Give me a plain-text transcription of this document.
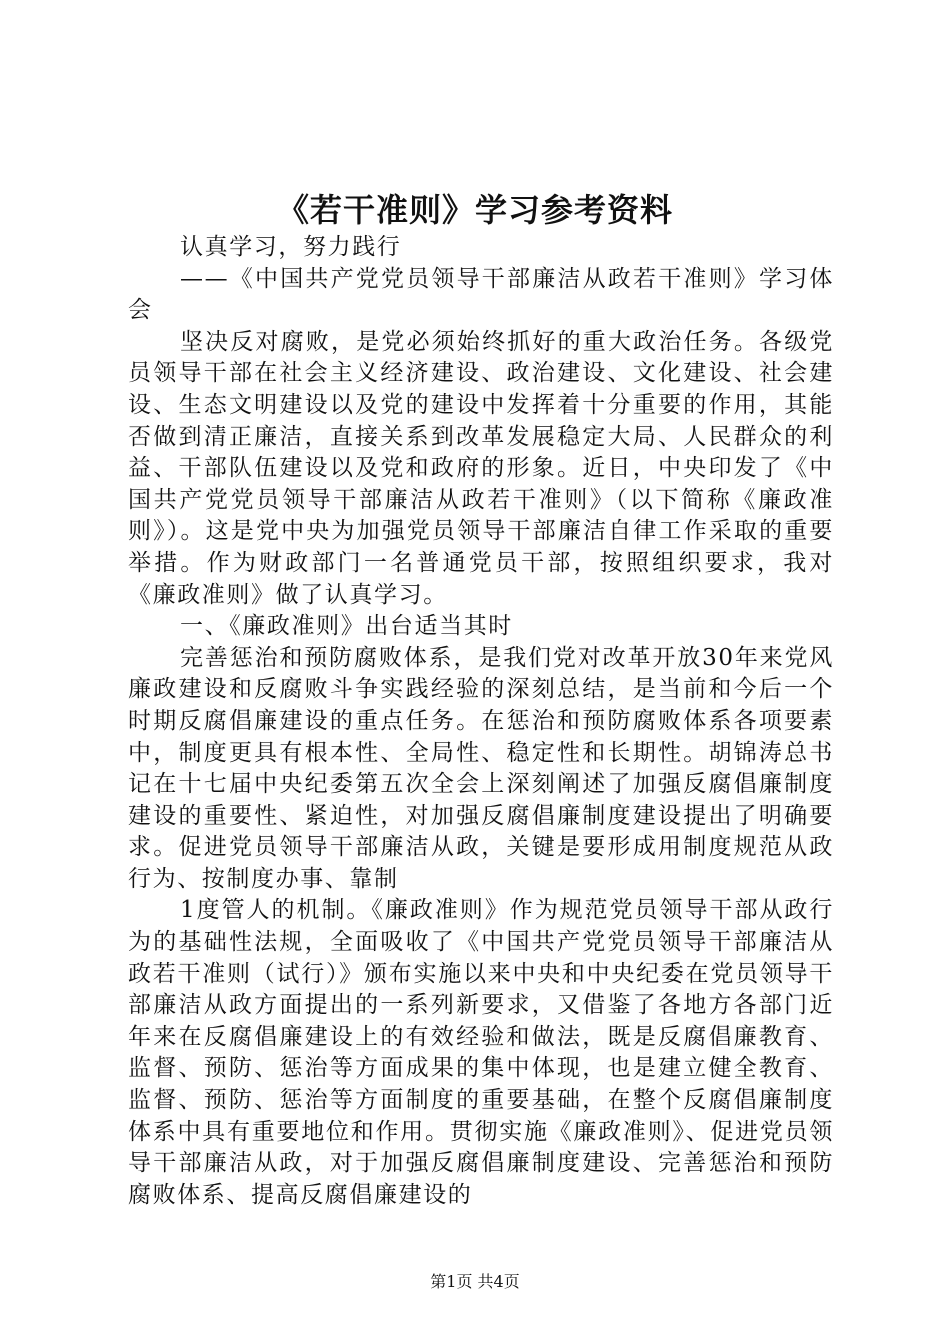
《若干准则》学习参考资料

认真学习，努力践行

——《中国共产党党员领导干部廉洁从政若干准则》学习体会

坚决反对腐败，是党必须始终抓好的重大政治任务。各级党员领导干部在社会主义经济建设、政治建设、文化建设、社会建设、生态文明建设以及党的建设中发挥着十分重要的作用，其能否做到清正廉洁，直接关系到改革发展稳定大局、人民群众的利益、干部队伍建设以及党和政府的形象。近日，中央印发了《中国共产党党员领导干部廉洁从政若干准则》（以下简称《廉政准则》）。这是党中央为加强党员领导干部廉洁自律工作采取的重要举措。作为财政部门一名普通党员干部，按照组织要求，我对《廉政准则》做了认真学习。

一、《廉政准则》出台适当其时

完善惩治和预防腐败体系，是我们党对改革开放30年来党风廉政建设和反腐败斗争实践经验的深刻总结，是当前和今后一个时期反腐倡廉建设的重点任务。在惩治和预防腐败体系各项要素中，制度更具有根本性、全局性、稳定性和长期性。胡锦涛总书记在十七届中央纪委第五次全会上深刻阐述了加强反腐倡廉制度建设的重要性、紧迫性，对加强反腐倡廉制度建设提出了明确要求。促进党员领导干部廉洁从政，关键是要形成用制度规范从政行为、按制度办事、靠制

1度管人的机制。《廉政准则》作为规范党员领导干部从政行为的基础性法规，全面吸收了《中国共产党党员领导干部廉洁从政若干准则（试行）》颁布实施以来中央和中央纪委在党员领导干部廉洁从政方面提出的一系列新要求，又借鉴了各地方各部门近年来在反腐倡廉建设上的有效经验和做法，既是反腐倡廉教育、监督、预防、惩治等方面成果的集中体现，也是建立健全教育、监督、预防、惩治等方面制度的重要基础，在整个反腐倡廉制度体系中具有重要地位和作用。贯彻实施《廉政准则》、促进党员领导干部廉洁从政，对于加强反腐倡廉制度建设、完善惩治和预防腐败体系、提高反腐倡廉建设的

第1页 共4页
